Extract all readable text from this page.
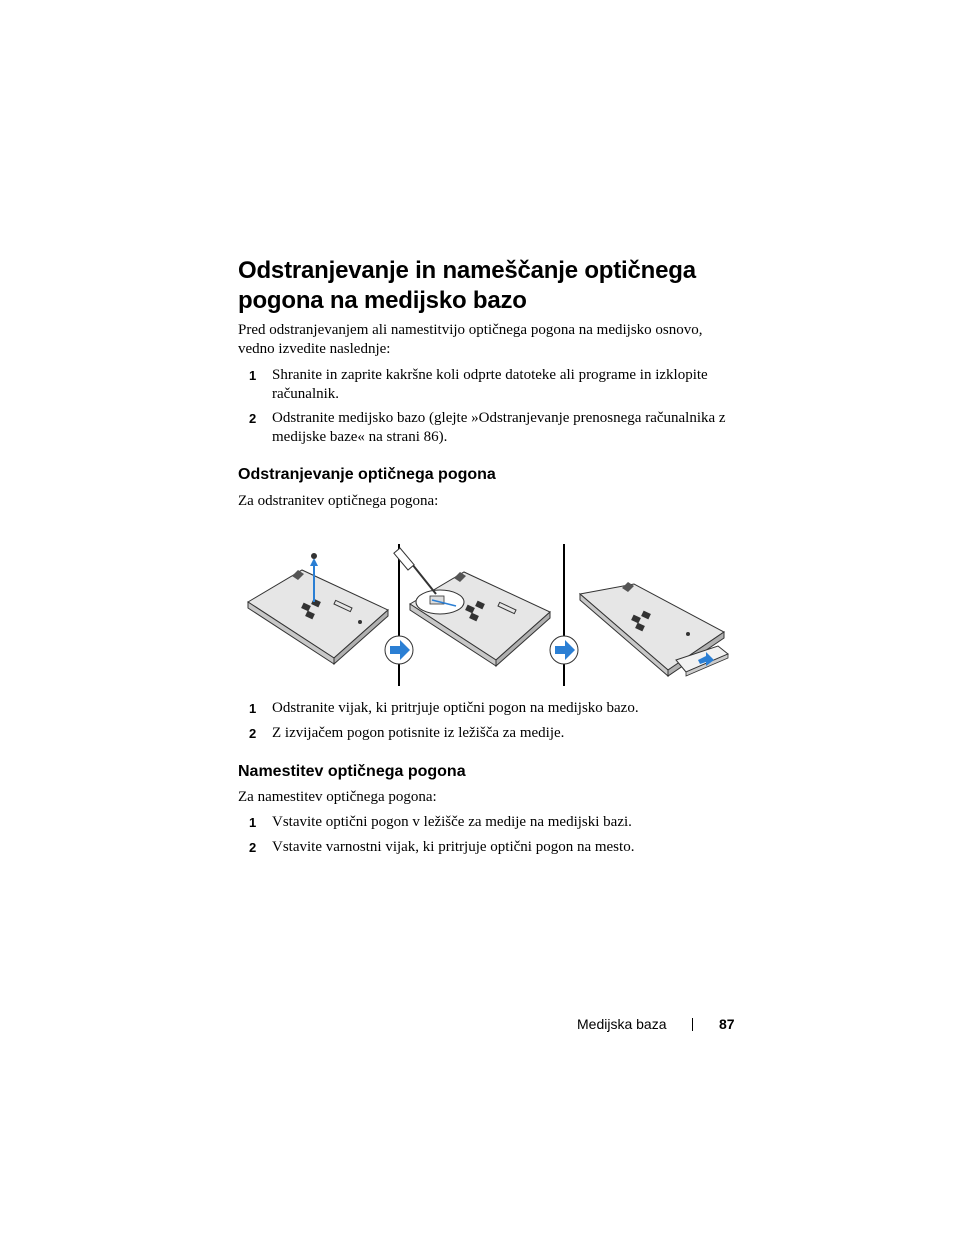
Odstranjevanje in nameščanje optičnega pogona na medijsko bazo

Pred odstranjevanjem ali namestitvijo optičnega pogona na medijsko osnovo, vedno izvedite naslednje:

1 Shranite in zaprite kakršne koli odprte datoteke ali programe in izklopite računalnik.
2 Odstranite medijsko bazo (glejte »Odstranjevanje prenosnega računalnika z medijske baze« na strani 86).
Odstranjevanje optičnega pogona

Za odstranitev optičnega pogona:

1 Odstranite vijak, ki pritrjuje optični pogon na medijsko bazo.
2 Z izvijačem pogon potisnite iz ležišča za medije.
Namestitev optičnega pogona

Za namestitev optičnega pogona:

1 Vstavite optični pogon v ležišče za medije na medijski bazi.
2 Vstavite varnostni vijak, ki pritrjuje optični pogon na mesto.
Medijska baza	87
